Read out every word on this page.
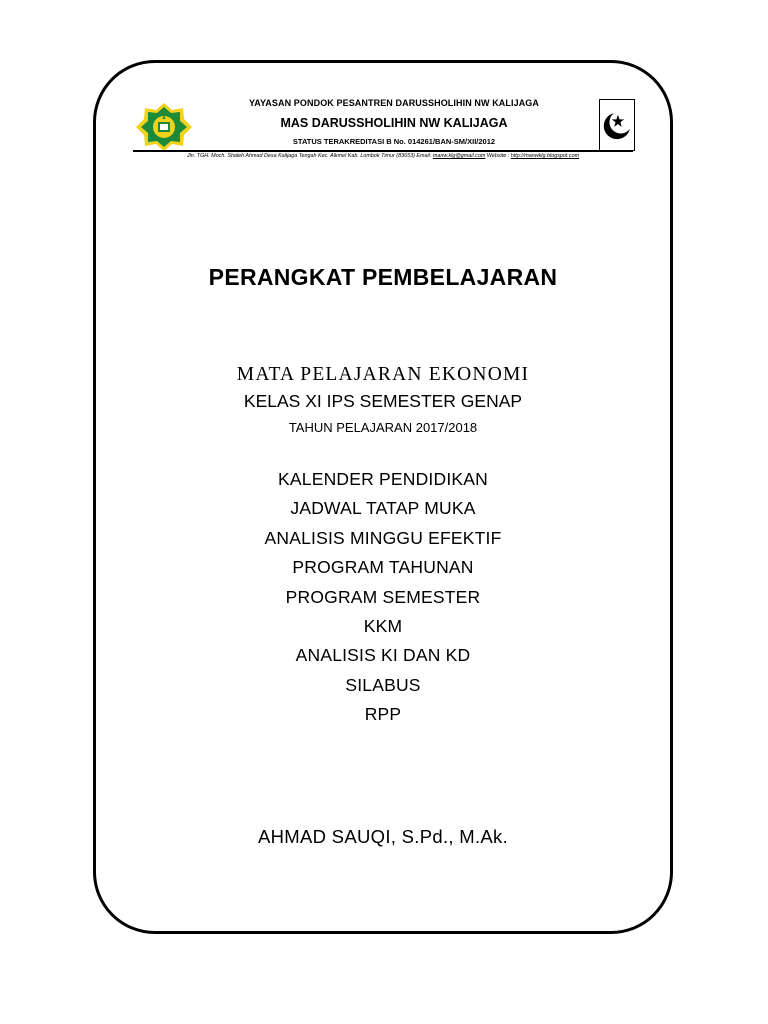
YAYASAN PONDOK PESANTREN DARUSSHOLIHIN NW KALIJAGA
MAS DARUSSHOLIHIN NW KALIJAGA
STATUS TERAKREDITASI B No. 014261/BAN-SM/XII/2012
Jln. TGH. Moch. Shaleh Ahmad Desa Kalijaga Tengah Kec. Aikmel Kab. Lombok Timur (83653) Email: manw.klg@gmail.com Website : http://manwklg.blogspot.com
PERANGKAT PEMBELAJARAN
MATA PELAJARAN EKONOMI
KELAS XI IPS SEMESTER GENAP
TAHUN PELAJARAN 2017/2018
KALENDER PENDIDIKAN
JADWAL TATAP MUKA
ANALISIS MINGGU EFEKTIF
PROGRAM TAHUNAN
PROGRAM SEMESTER
KKM
ANALISIS KI DAN KD
SILABUS
RPP
AHMAD SAUQI, S.Pd., M.Ak.
